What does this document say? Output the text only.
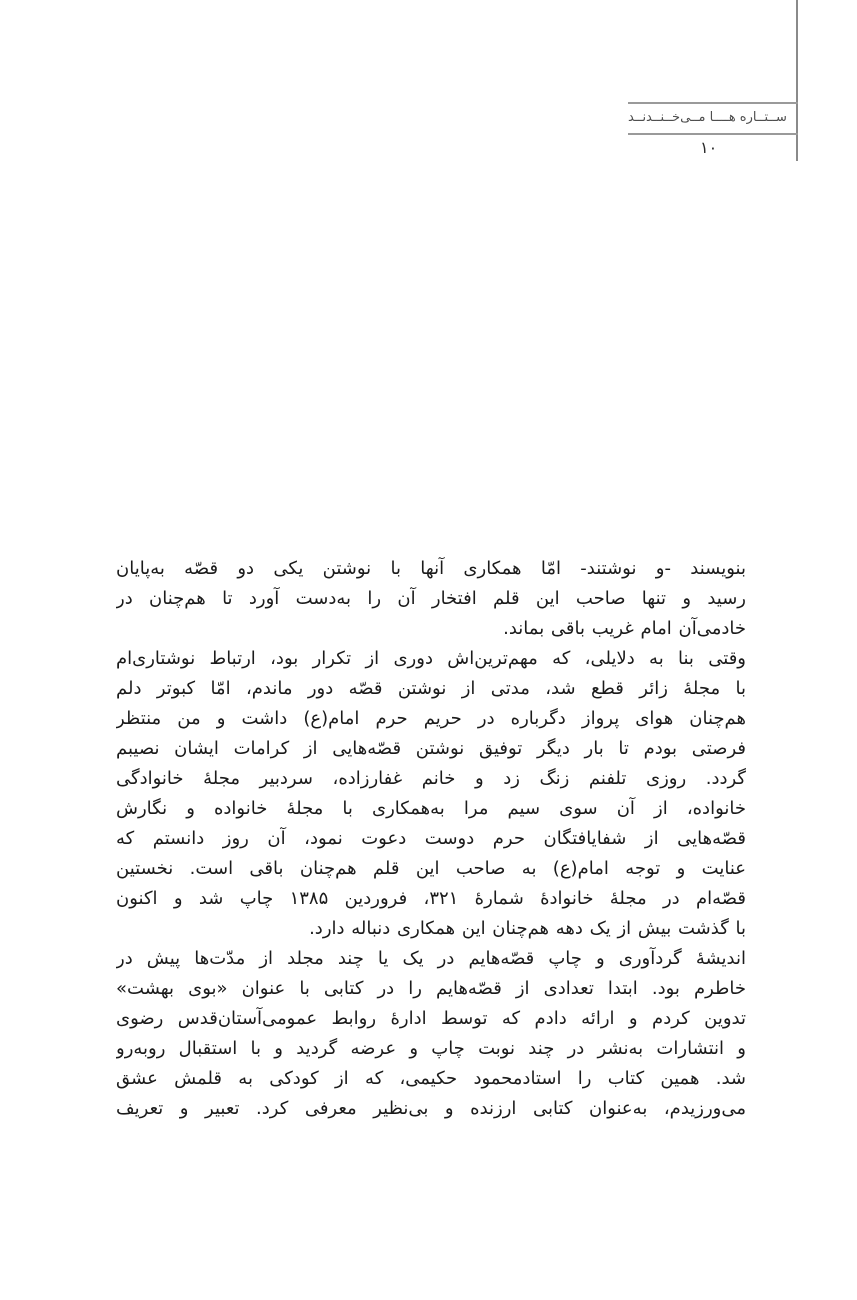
ســتــاره هــــا مــی‌خــنــدنــد
۱۰
بنویسند -و نوشتند- امّا همکاری آنها با نوشتن یکی دو قصّه به‌پایان
رسید و تنها صاحب این قلم افتخار آن را به‌دست آورد تا هم‌چنان در
خادمی‌آن امام غریب باقی بماند.
وقتی بنا به دلایلی، که مهم‌ترین‌اش دوری از تکرار بود، ارتباط نوشتاری‌ام
با مجلهٔ زائر قطع شد، مدتی از نوشتن قصّه دور ماندم، امّا کبوتر دلم
هم‌چنان هوای پرواز دگرباره در حریم حرم امام(ع) داشت و من منتظر
فرصتی بودم تا بار دیگر توفیق نوشتن قصّه‌هایی از کرامات ایشان نصیبم
گردد. روزی تلفنم زنگ زد و خانم غفارزاده، سردبیر مجلهٔ خانوادگی
خانواده، از آن سوی سیم مرا به‌همکاری با مجلهٔ خانواده و نگارش
قصّه‌هایی از شفایافتگان حرم دوست دعوت نمود، آن روز دانستم که
عنایت و توجه امام(ع) به صاحب این قلم هم‌چنان باقی است. نخستین
قصّه‌ام در مجلهٔ خانوادهٔ شمارهٔ ۳۲۱، فروردین ۱۳۸۵ چاپ شد و اکنون
با گذشت بیش از یک دهه هم‌چنان این همکاری دنباله دارد.
اندیشهٔ گردآوری و چاپ قصّه‌هایم در یک یا چند مجلد از مدّت‌ها پیش در
خاطرم بود. ابتدا تعدادی از قصّه‌هایم را در کتابی با عنوان «بوی بهشت»
تدوین کردم و ارائه دادم که توسط ادارهٔ روابط عمومی‌آستان‌قدس رضوی
و انتشارات به‌نشر در چند نوبت چاپ و عرضه گردید و با استقبال روبه‌رو
شد. همین کتاب را استادمحمود حکیمی، که از کودکی به قلمش عشق
می‌ورزیدم، به‌عنوان کتابی ارزنده و بی‌نظیر معرفی کرد. تعبیر و تعریف
